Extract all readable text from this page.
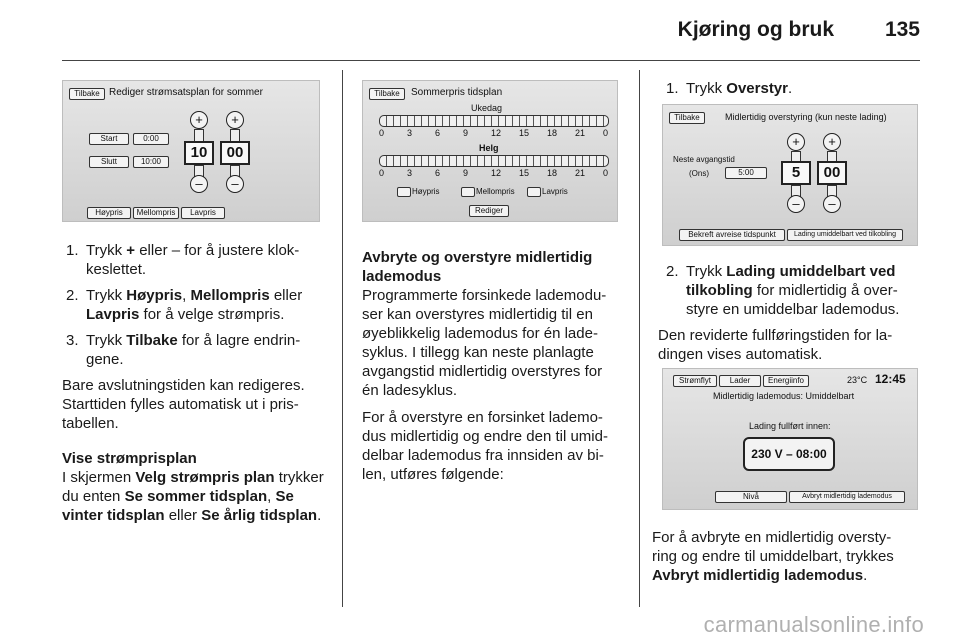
Kjøring og bruk 135
Tilbake Rediger strømsatsplan for sommer
Start	0:00
Slutt	10:00
+
10
–
+
00
–
Høypris	Mellompris	Lavpris
1. Trykk + eller – for å justere klok-
keslettet.
2. Trykk Høypris, Mellompris eller
Lavpris for å velge strømpris.
3. Trykk Tilbake for å lagre endrin-
gene.

Bare avslutningstiden kan redigeres.
Starttiden fylles automatisk ut i pris-
tabellen.

Vise strømprisplan

I skjermen Velg strømpris plan trykker
du enten Se sommer tidsplan, Se
vinter tidsplan eller Se årlig tidsplan.

Tilbake	Sommerpris tidsplan
Ukedag
Helg
Høypris	Mellompris	Lavpris
Rediger
0	3	6	9	12 15 18 21 0
0	3	6	9	12 15 18 21 0

Avbryte og overstyre midlertidig
lademodus

Programmerte forsinkede lademodu-
ser kan overstyres midlertidig til en
øyeblikkelig lademodus for én lade-
syklus. I tillegg kan neste planlagte
avgangstid midlertidig overstyres for
én ladesyklus.

For å overstyre en forsinket lademo-
dus midlertidig og endre den til umid-
delbar lademodus fra innsiden av bi-
len, utføres følgende:

1. Trykk Overstyr.
Tilbake	Midlertidig overstyring (kun neste lading)
Neste avgangstid
(Ons)	5:00
+
5
–
+
00
–
Bekreft avreise tidspunkt	Lading umiddelbart ved tilkobling
2. Trykk Lading umiddelbart ved
tilkobling for midlertidig å over-
styre en umiddelbar lademodus.

Den reviderte fullføringstiden for la-
dingen vises automatisk.

Strømflyt	Lader	Energiinfo	23°C 12:45
Midlertidig lademodus: Umiddelbart
Lading fullført innen:
230 V – 08:00
Nivå	Avbryt midlertidig lademodus

For å avbryte en midlertidig oversty-
ring og endre til umiddelbart, trykkes
Avbryt midlertidig lademodus.

carmanualsonline.info
